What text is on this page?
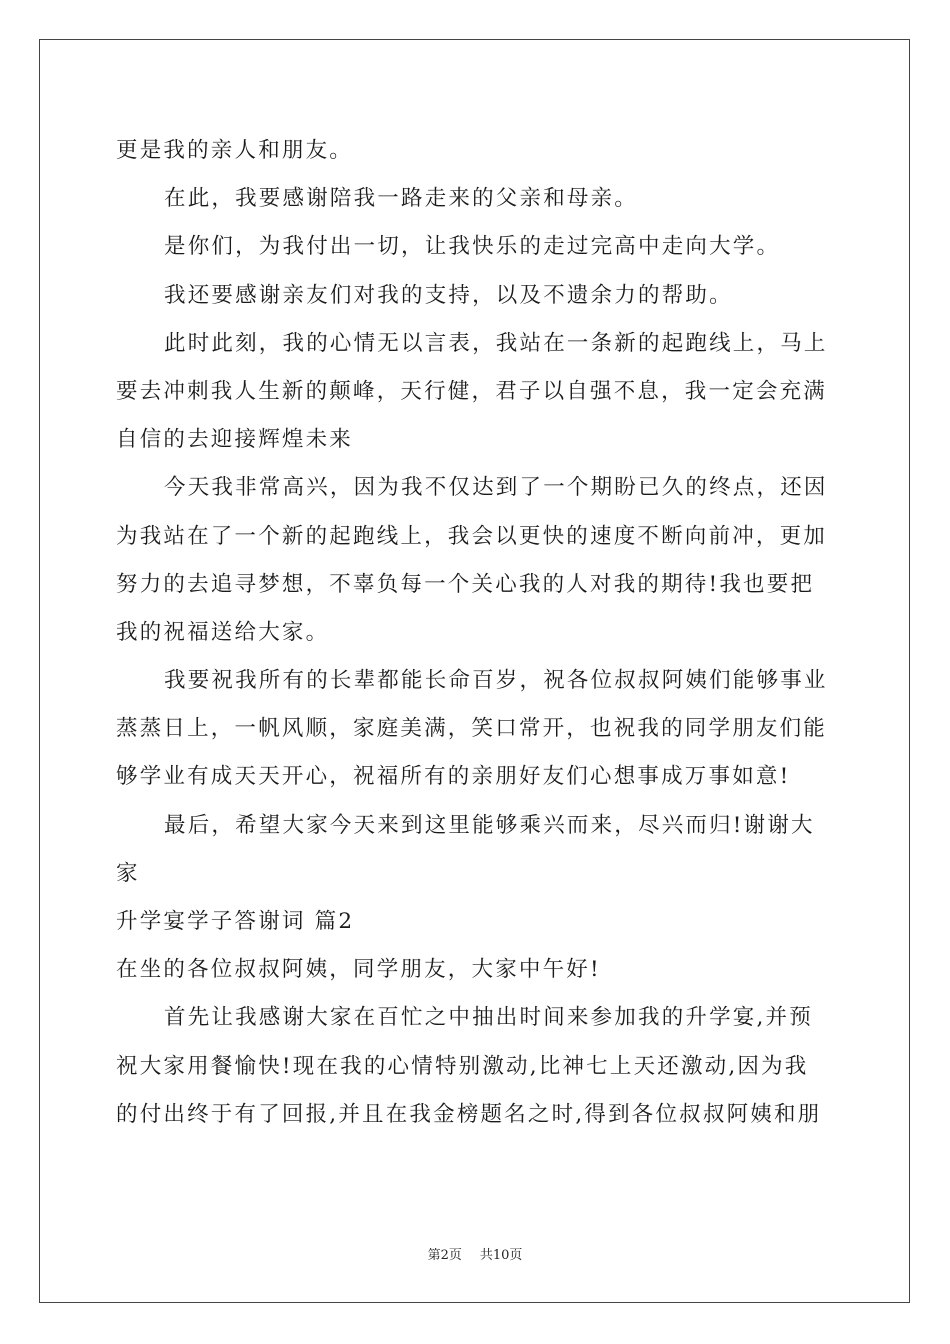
更是我的亲人和朋友。
在此，我要感谢陪我一路走来的父亲和母亲。
是你们，为我付出一切，让我快乐的走过完高中走向大学。
我还要感谢亲友们对我的支持，以及不遗余力的帮助。
此时此刻，我的心情无以言表，我站在一条新的起跑线上，马上
要去冲刺我人生新的颠峰，天行健，君子以自强不息，我一定会充满
自信的去迎接辉煌未来
今天我非常高兴，因为我不仅达到了一个期盼已久的终点，还因
为我站在了一个新的起跑线上，我会以更快的速度不断向前冲，更加
努力的去追寻梦想，不辜负每一个关心我的人对我的期待!我也要把
我的祝福送给大家。
我要祝我所有的长辈都能长命百岁，祝各位叔叔阿姨们能够事业
蒸蒸日上，一帆风顺，家庭美满，笑口常开，也祝我的同学朋友们能
够学业有成天天开心，祝福所有的亲朋好友们心想事成万事如意!
最后，希望大家今天来到这里能够乘兴而来，尽兴而归!谢谢大
家
升学宴学子答谢词 篇2
在坐的各位叔叔阿姨，同学朋友，大家中午好!
首先让我感谢大家在百忙之中抽出时间来参加我的升学宴,并预
祝大家用餐愉快!现在我的心情特别激动,比神七上天还激动,因为我
的付出终于有了回报,并且在我金榜题名之时,得到各位叔叔阿姨和朋
第2页 共10页
